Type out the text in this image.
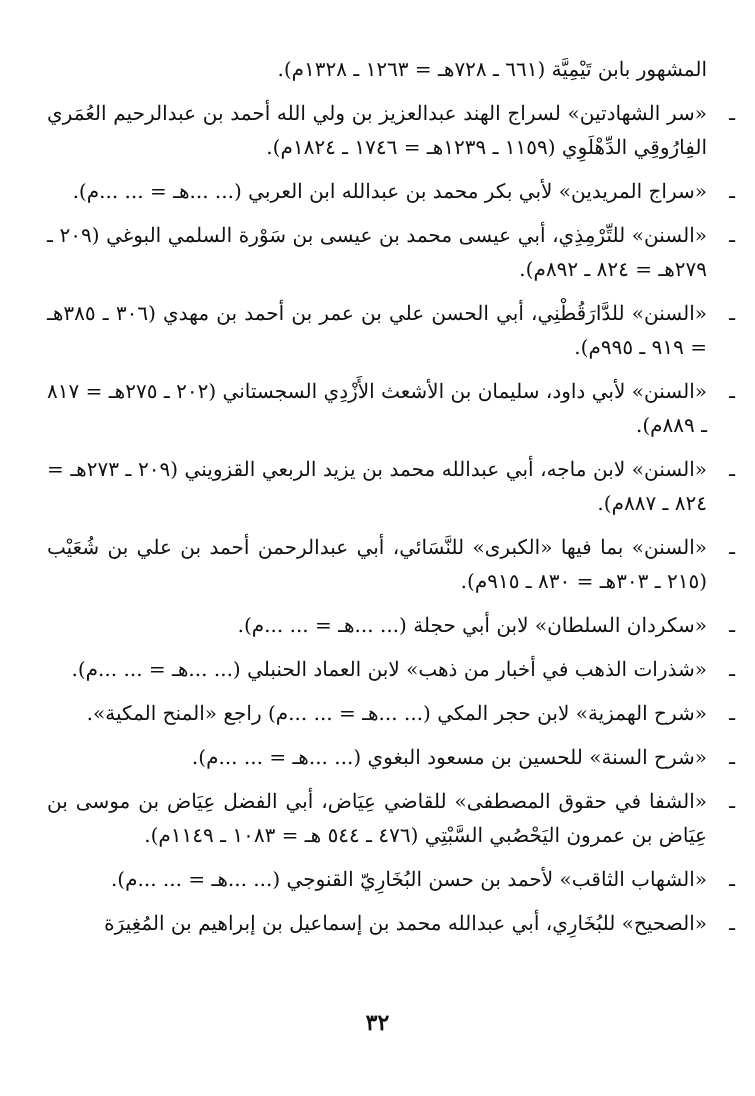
المشهور بابن تَيْمِيَّة (٦٦١ ـ ٧٢٨هـ = ١٢٦٣ ـ ١٣٢٨م).
ـ
«سر الشهادتين» لسراج الهند عبدالعزيز بن ولي الله أحمد بن عبدالرحيم العُمَري الفِارُوقِي الدِّهْلَوِي (١١٥٩ ـ ١٢٣٩هـ = ١٧٤٦ ـ ١٨٢٤م).
ـ
«سراج المريدين» لأبي بكر محمد بن عبدالله ابن العربي (... ...هـ = ... ...م).
ـ
«السنن» للتِّرْمِذِي، أبي عيسى محمد بن عيسى بن سَوْرة السلمي البوغي (٢٠٩ ـ ٢٧٩هـ = ٨٢٤ ـ ٨٩٢م).
ـ
«السنن» للدَّارَقُطْنِي، أبي الحسن علي بن عمر بن أحمد بن مهدي (٣٠٦ ـ ٣٨٥هـ = ٩١٩ ـ ٩٩٥م).
ـ
«السنن» لأبي داود، سليمان بن الأشعث الأَزْدِي السجستاني (٢٠٢ ـ ٢٧٥هـ = ٨١٧ ـ ٨٨٩م).
ـ
«السنن» لابن ماجه، أبي عبدالله محمد بن يزيد الربعي القزويني (٢٠٩ ـ ٢٧٣هـ = ٨٢٤ ـ ٨٨٧م).
ـ
«السنن» بما فيها «الكبرى» للنَّسَائي، أبي عبدالرحمن أحمد بن علي بن شُعَيْب (٢١٥ ـ ٣٠٣هـ = ٨٣٠ ـ ٩١٥م).
ـ
«سكردان السلطان» لابن أبي حجلة (... ...هـ = ... ...م).
ـ
«شذرات الذهب في أخبار من ذهب» لابن العماد الحنبلي (... ...هـ = ... ...م).
ـ
«شرح الهمزية» لابن حجر المكي (... ...هـ = ... ...م) راجع «المنح المكية».
ـ
«شرح السنة» للحسين بن مسعود البغوي (... ...هـ = ... ...م).
ـ
«الشفا في حقوق المصطفى» للقاضي عِيَاض، أبي الفضل عِيَاض بن موسى بن عِيَاض بن عمرون اليَحْصُبي السَّبْتِي (٤٧٦ ـ ٥٤٤ هـ = ١٠٨٣ ـ ١١٤٩م).
ـ
«الشهاب الثاقب» لأحمد بن حسن البُخَارِيّ القنوجي (... ...هـ = ... ...م).
ـ
«الصحيح» للبُخَارِي، أبي عبدالله محمد بن إسماعيل بن إبراهيم بن المُغِيرَة
٣٢
